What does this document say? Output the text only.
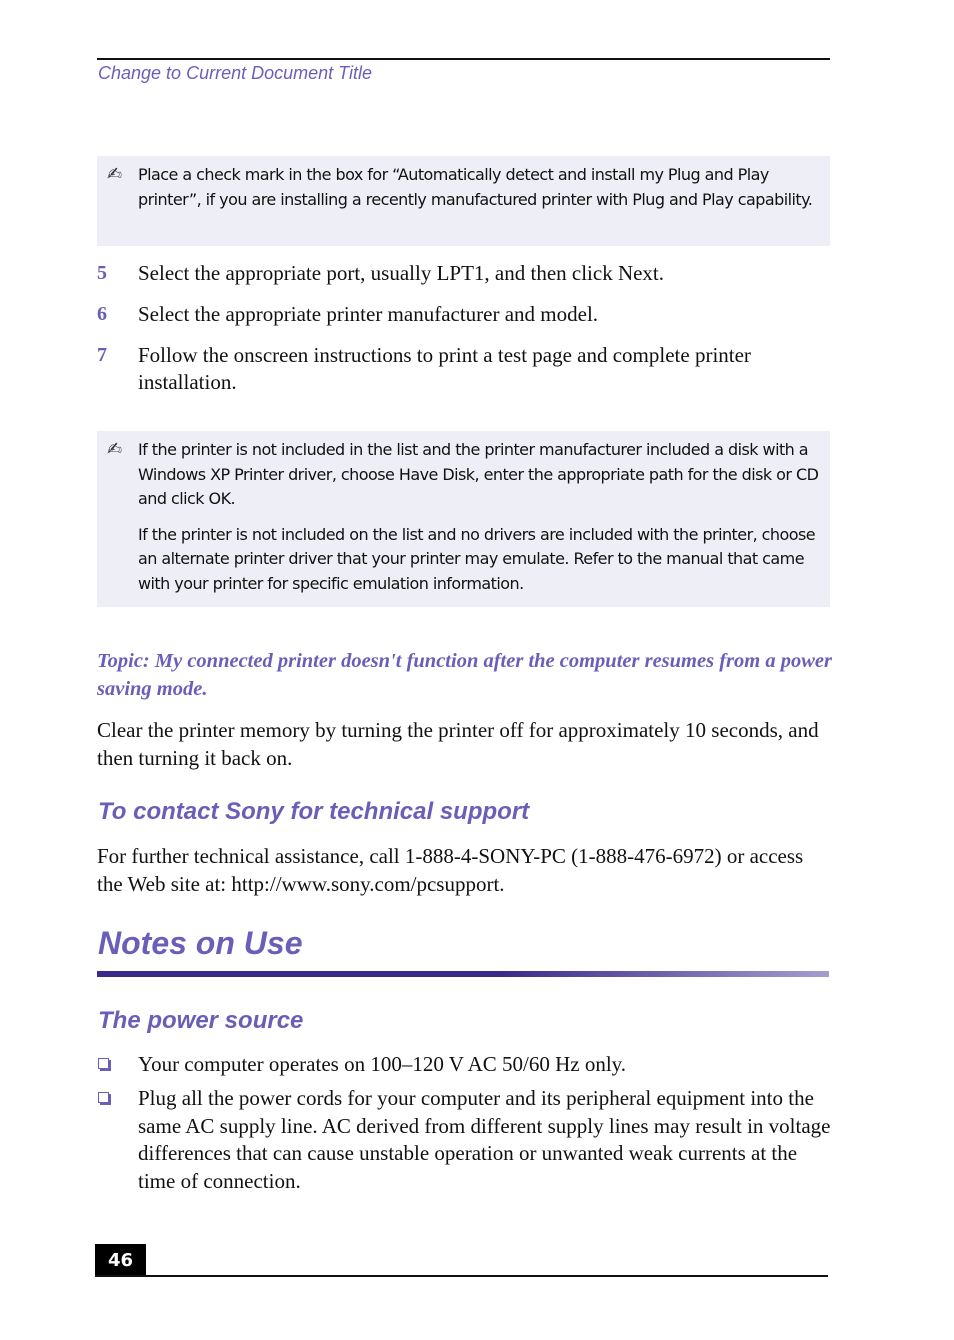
Change to Current Document Title
✍ Place a check mark in the box for “Automatically detect and install my Plug and Play printer”, if you are installing a recently manufactured printer with Plug and Play capability.

5	Select the appropriate port, usually LPT1, and then click Next.
6	Select the appropriate printer manufacturer and model.
7	Follow the onscreen instructions to print a test page and complete printer installation.
✍ If the printer is not included in the list and the printer manufacturer included a disk with a Windows XP Printer driver, choose Have Disk, enter the appropriate path for the disk or CD and click OK.

If the printer is not included on the list and no drivers are included with the printer, choose an alternate printer driver that your printer may emulate. Refer to the manual that came with your printer for specific emulation information.

Topic: My connected printer doesn't function after the computer resumes from a power saving mode.
Clear the printer memory by turning the printer off for approximately 10 seconds, and then turning it back on.
To contact Sony for technical support
For further technical assistance, call 1-888-4-SONY-PC (1-888-476-6972) or access the Web site at: http://www.sony.com/pcsupport.
Notes on Use
The power source
Your computer operates on 100–120 V AC 50/60 Hz only.
Plug all the power cords for your computer and its peripheral equipment into the same AC supply line. AC derived from different supply lines may result in voltage differences that can cause unstable operation or unwanted weak currents at the time of connection.
46
